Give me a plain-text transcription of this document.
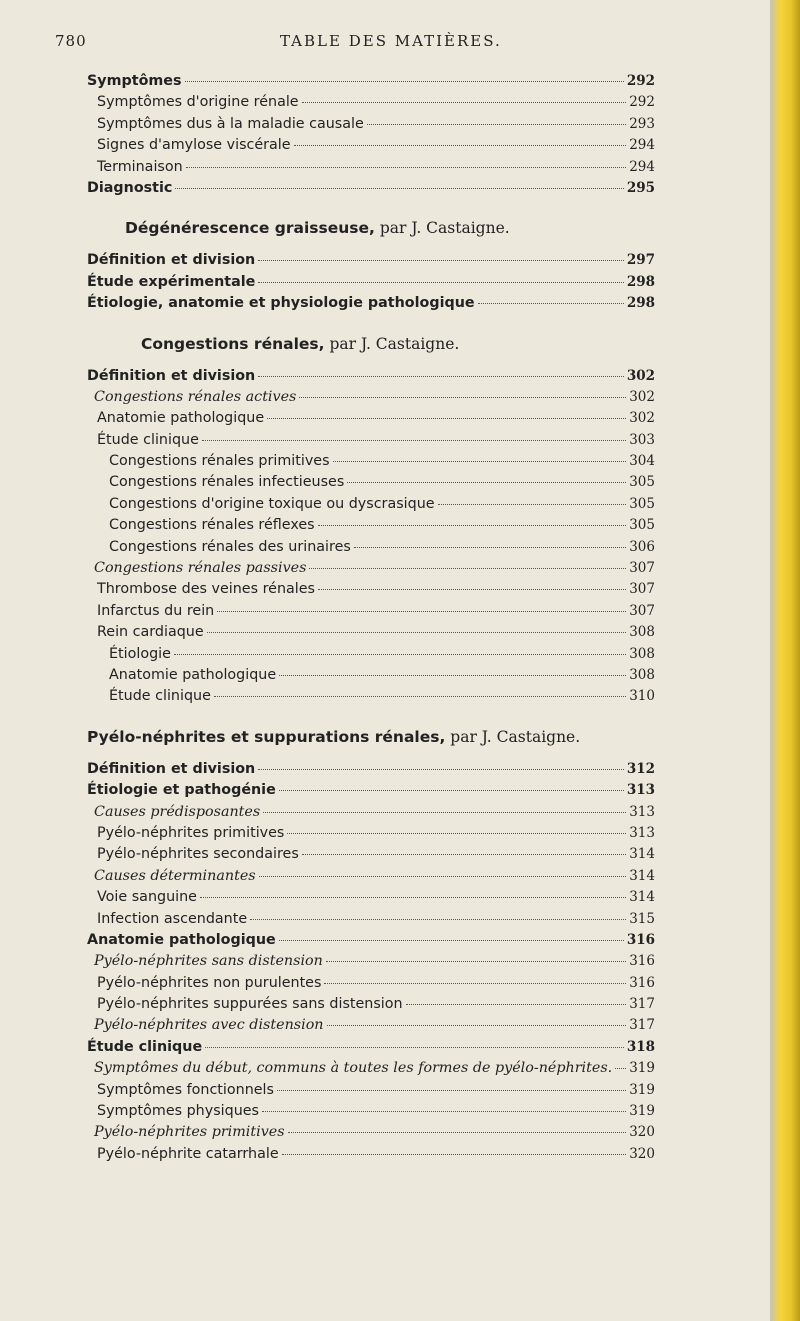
780	TABLE DES MATIÈRES.
Symptômes	292
Symptômes d'origine rénale	292
Symptômes dus à la maladie causale	293
Signes d'amylose viscérale	294
Terminaison	294
Diagnostic	295
Dégénérescence graisseuse, par J. Castaigne.
Définition et division	297
Étude expérimentale	298
Étiologie, anatomie et physiologie pathologique	298
Congestions rénales, par J. Castaigne.
Définition et division	302
Congestions rénales actives	302
Anatomie pathologique	302
Étude clinique	303
Congestions rénales primitives	304
Congestions rénales infectieuses	305
Congestions d'origine toxique ou dyscrasique	305
Congestions rénales réflexes	305
Congestions rénales des urinaires	306
Congestions rénales passives	307
Thrombose des veines rénales	307
Infarctus du rein	307
Rein cardiaque	308
Étiologie	308
Anatomie pathologique	308
Étude clinique	310
Pyélo-néphrites et suppurations rénales, par J. Castaigne.
Définition et division	312
Étiologie et pathogénie	313
Causes prédisposantes	313
Pyélo-néphrites primitives	313
Pyélo-néphrites secondaires	314
Causes déterminantes	314
Voie sanguine	314
Infection ascendante	315
Anatomie pathologique	316
Pyélo-néphrites sans distension	316
Pyélo-néphrites non purulentes	316
Pyélo-néphrites suppurées sans distension	317
Pyélo-néphrites avec distension	317
Étude clinique	318
Symptômes du début, communs à toutes les formes de pyélo-néphrites. 319
Symptômes fonctionnels	319
Symptômes physiques	319
Pyélo-néphrites primitives	320
Pyélo-néphrite catarrhale	320
